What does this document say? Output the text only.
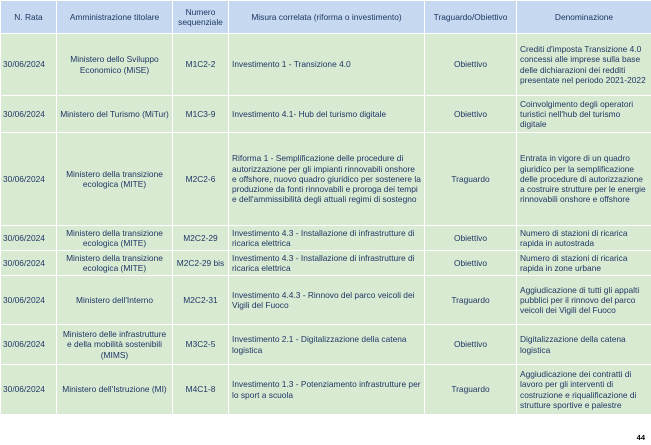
N. Rata	Amministrazione titolare	Numero sequenziale	Misura correlata (riforma o investimento)	Traguardo/Obiettivo	Denominazione
30/06/2024	Ministero dello Sviluppo Economico (MiSE)	M1C2-2	Investimento 1 - Transizione 4.0	Obiettivo	Crediti d'imposta Transizione 4.0 concessi alle imprese sulla base delle dichiarazioni dei redditi presentate nel periodo 2021-2022
30/06/2024	Ministero del Turismo (MiTur)	M1C3-9	Investimento 4.1- Hub del turismo digitale	Obiettivo	Coinvolgimento degli operatori turistici nell'hub del turismo digitale
30/06/2024	Ministero della transizione ecologica (MITE)	M2C2-6	Riforma 1 - Semplificazione delle procedure di autorizzazione per gli impianti rinnovabili onshore e offshore, nuovo quadro giuridico per sostenere la produzione da fonti rinnovabili e proroga dei tempi e dell'ammissibilità degli attuali regimi di sostegno	Traguardo	Entrata in vigore di un quadro giuridico per la semplificazione delle procedure di autorizzazione a costruire strutture per le energie rinnovabili onshore e offshore
30/06/2024	Ministero della transizione ecologica (MITE)	M2C2-29	Investimento 4.3 - Installazione di infrastrutture di ricarica elettrica	Obiettivo	Numero di stazioni di ricarica rapida in autostrada
30/06/2024	Ministero della transizione ecologica (MITE)	M2C2-29 bis	Investimento 4.3 - Installazione di infrastrutture di ricarica elettrica	Obiettivo	Numero di stazioni di ricarica rapida in zone urbane
30/06/2024	Ministero dell'Interno	M2C2-31	Investimento 4.4.3 - Rinnovo del parco veicoli dei Vigili del Fuoco	Traguardo	Aggiudicazione di tutti gli appalti pubblici per il rinnovo del parco veicoli dei Vigili del Fuoco
30/06/2024	Ministero delle infrastrutture e della mobilità sostenibili (MIMS)	M3C2-5	Investimento 2.1 - Digitalizzazione della catena logistica	Obiettivo	Digitalizzazione della catena logistica
30/06/2024	Ministero dell'Istruzione (MI)	M4C1-8	Investimento 1.3 - Potenziamento infrastrutture per lo sport a scuola	Traguardo	Aggiudicazione dei contratti di lavoro per gli interventi di costruzione e riqualificazione di strutture sportive e palestre
44
